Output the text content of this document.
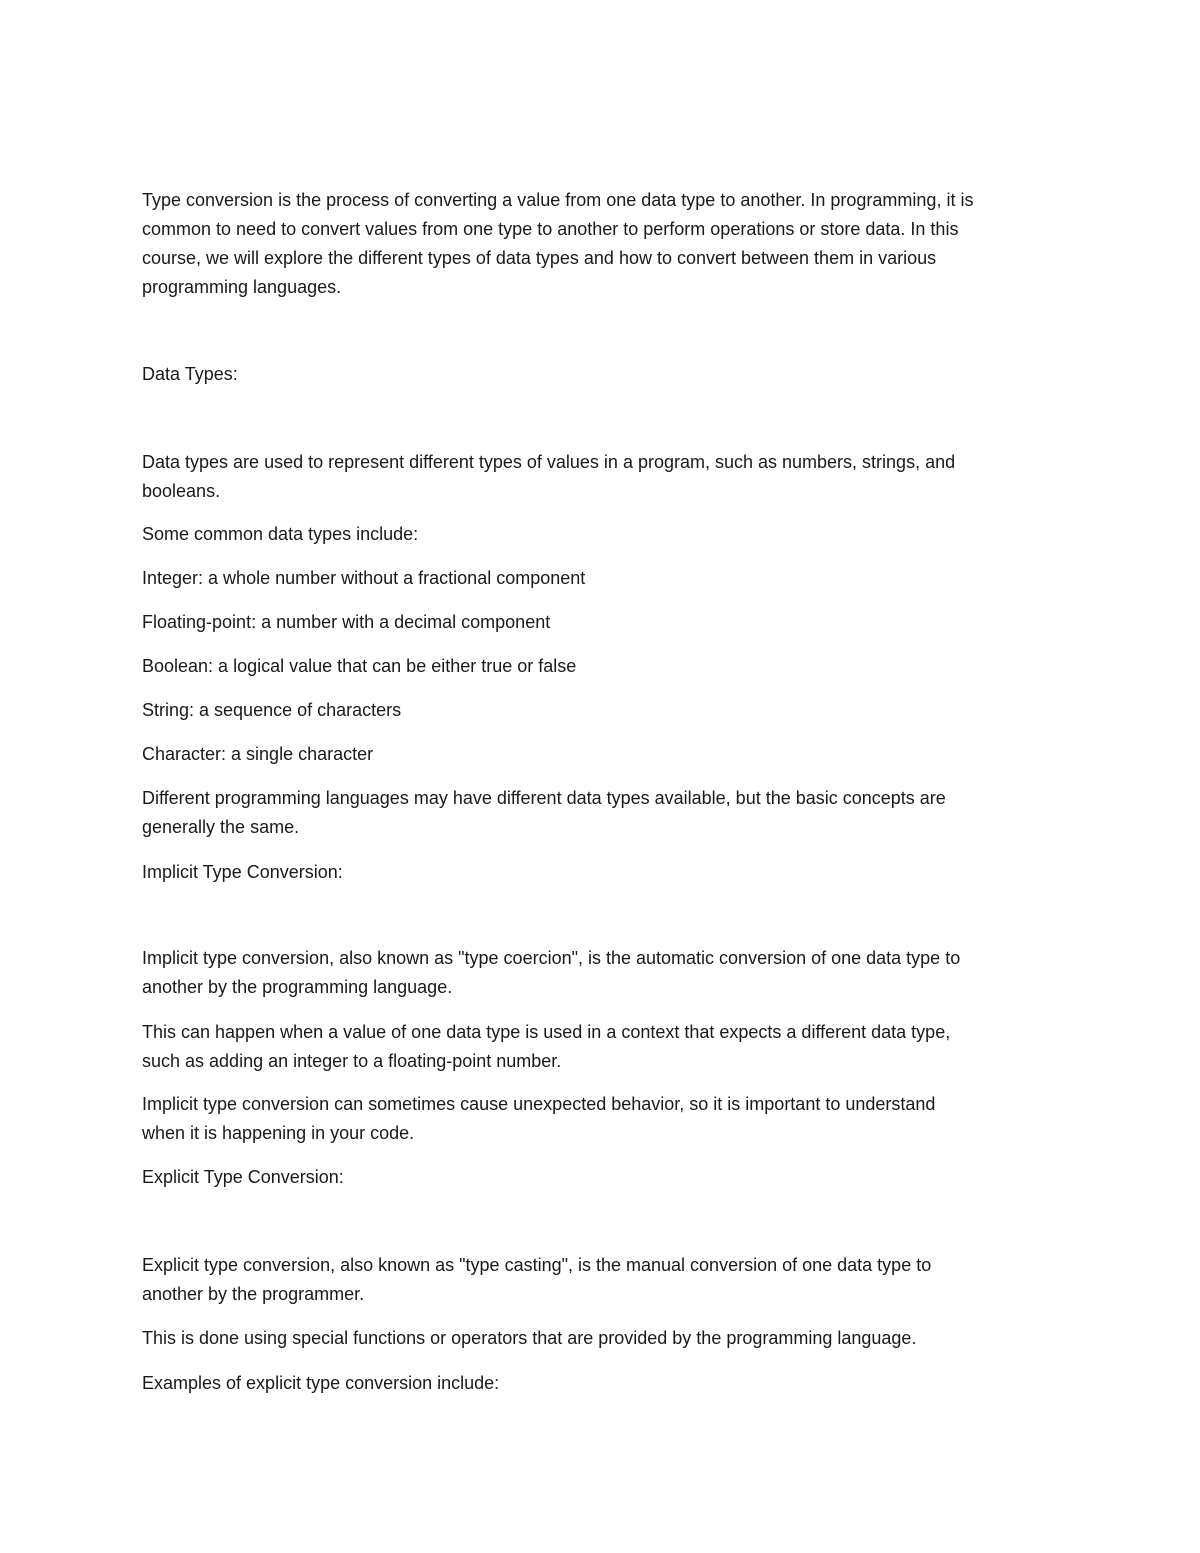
Type conversion is the process of converting a value from one data type to another. In programming, it is
common to need to convert values from one type to another to perform operations or store data. In this
course, we will explore the different types of data types and how to convert between them in various
programming languages.

Data Types:

Data types are used to represent different types of values in a program, such as numbers, strings, and
booleans.

Some common data types include:

Integer: a whole number without a fractional component

Floating-point: a number with a decimal component

Boolean: a logical value that can be either true or false

String: a sequence of characters

Character: a single character

Different programming languages may have different data types available, but the basic concepts are
generally the same.

Implicit Type Conversion:

Implicit type conversion, also known as "type coercion", is the automatic conversion of one data type to
another by the programming language.

This can happen when a value of one data type is used in a context that expects a different data type,
such as adding an integer to a floating-point number.

Implicit type conversion can sometimes cause unexpected behavior, so it is important to understand
when it is happening in your code.

Explicit Type Conversion:

Explicit type conversion, also known as "type casting", is the manual conversion of one data type to
another by the programmer.

This is done using special functions or operators that are provided by the programming language.

Examples of explicit type conversion include:
